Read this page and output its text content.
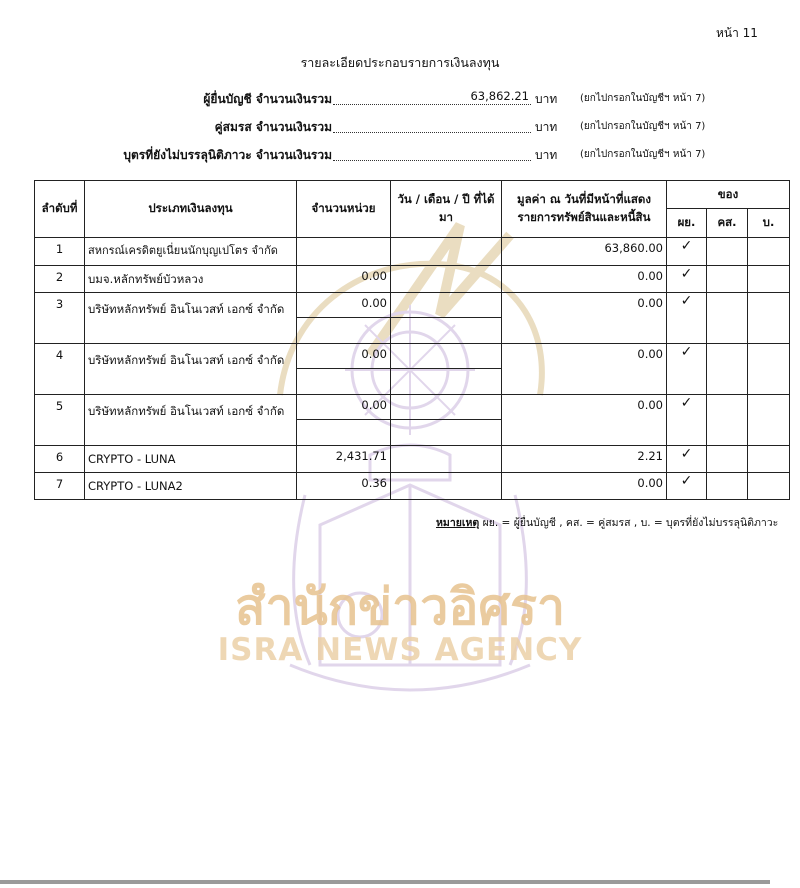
หน้า 11
รายละเอียดประกอบรายการเงินลงทุน
ผู้ยื่นบัญชี จำนวนเงินรวม	63,862.21 บาท (ยกไปกรอกในบัญชีฯ หน้า 7)
คู่สมรส จำนวนเงินรวม	บาท (ยกไปกรอกในบัญชีฯ หน้า 7)
บุตรที่ยังไม่บรรลุนิติภาวะ จำนวนเงินรวม	บาท (ยกไปกรอกในบัญชีฯ หน้า 7)
ลำดับที่	ประเภทเงินลงทุน	จำนวนหน่วย	วัน / เดือน / ปี ที่ได้มา	มูลค่า ณ วันที่มีหน้าที่แสดงรายการทรัพย์สินและหนี้สิน	ของ		
					ผย.	คส.	บ.
1	สหกรณ์เครดิตยูเนี่ยนนักบุญเปโตร จำกัด			63,860.00	✓		
2	บมจ.หลักทรัพย์บัวหลวง	0.00		0.00	✓		
3	บริษัทหลักทรัพย์ อินโนเวสท์ เอกซ์ จำกัด	0.00		0.00	✓		
4	บริษัทหลักทรัพย์ อินโนเวสท์ เอกซ์ จำกัด	0.00		0.00	✓		
5	บริษัทหลักทรัพย์ อินโนเวสท์ เอกซ์ จำกัด	0.00		0.00	✓		
6	CRYPTO - LUNA	2,431.71		2.21	✓		
7	CRYPTO - LUNA2	0.36		0.00	✓		
หมายเหตุ ผย. = ผู้ยื่นบัญชี , คส. = คู่สมรส , บ. = บุตรที่ยังไม่บรรลุนิติภาวะ
สำนักข่าวอิศรา
ISRA NEWS AGENCY
